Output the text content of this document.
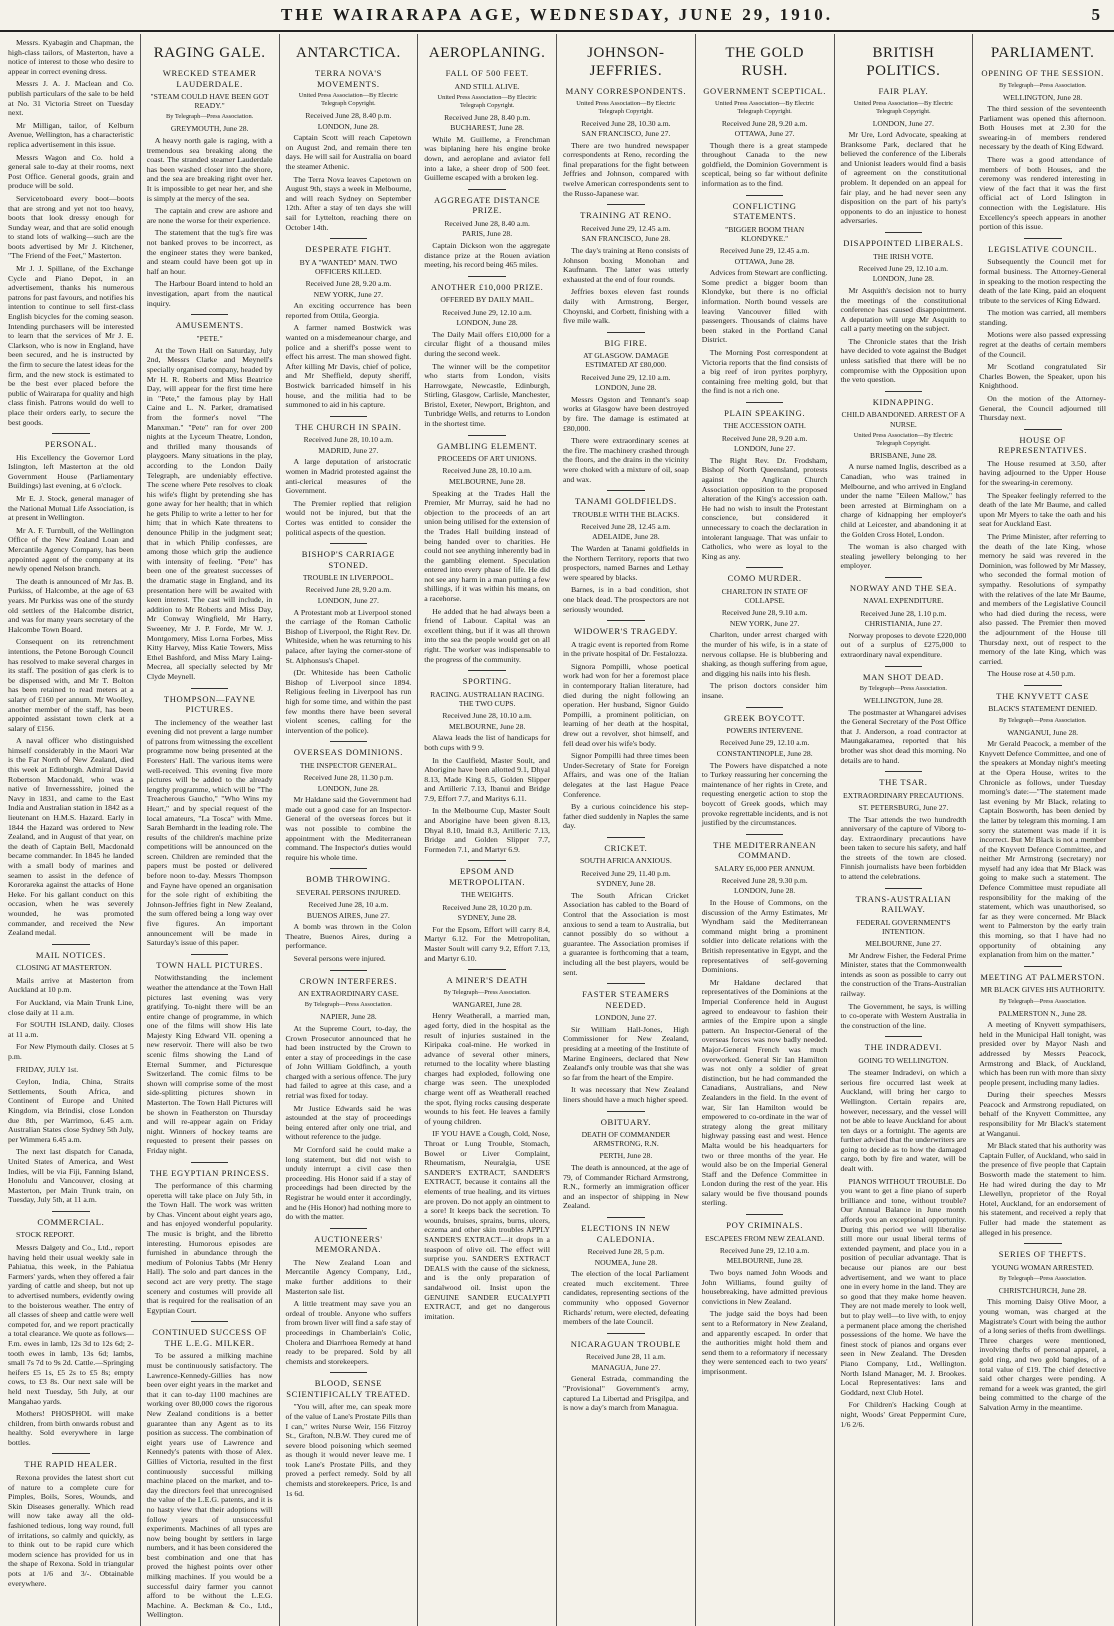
THE WAIRARAPA AGE, WEDNESDAY, JUNE 29, 1910.	5

Messrs. Kyabagin and Chapman, the high-class tailors, of Masterton, have a notice of interest to those who desire to appear in correct evening dress.

Messrs J. A. J. Maclean and Co. publish particulars of the sale to be held at No. 31 Victoria Street on Tuesday next.

Mr Milligan, tailor, of Kelburn Avenue, Wellington, has a characteristic replica advertisement in this issue.

Messrs Wagon and Co. hold a general sale to-day at their rooms, next Post Office. General goods, grain and produce will be sold.

Servicetoboard every boot—boots that are strong and yet not too heavy, boots that look dressy enough for Sunday wear, and that are solid enough to stand lots of walking—such are the boots advertised by Mr J. Kitchener, "The Friend of the Feet," Masterton.

Mr J. J. Spillane, of the Exchange Cycle and Piano Depot, in an advertisement, thanks his numerous patrons for past favours, and notifies his intention to continue to sell first-class English bicycles for the coming season. Intending purchasers will be interested to learn that the services of Mr J. E. Clarkson, who is now in England, have been secured, and he is instructed by the firm to secure the latest ideas for the firm, and the new stock is estimated to be the best ever placed before the public of Wairarapa for quality and high class finish. Patrons would do well to place their orders early, to secure the best goods.

PERSONAL.

His Excellency the Governor Lord Islington, left Masterton at the old Government House (Parliamentary Buildings) last evening, at 6 o'clock.

Mr E. J. Stock, general manager of the National Mutual Life Association, is at present in Wellington.

Mr A. F. Turnbull, of the Wellington Office of the New Zealand Loan and Mercantile Agency Company, has been appointed agent of the company at its newly opened Nelson branch.

The death is announced of Mr Jas. B. Purkiss, of Halcombe, at the age of 63 years. Mr Purkiss was one of the sturdy old settlers of the Halcombe district, and was for many years secretary of the Halcombe Town Board.

Consequent on its retrenchment intentions, the Petone Borough Council has resolved to make several charges in its staff. The position of gas clerk is to be dispensed with, and Mr T. Bolton has been retained to read meters at a salary of £160 per annum. Mr Woolley, another member of the staff, has been appointed assistant town clerk at a salary of £156.

A naval officer who distinguished himself considerably in the Maori War is the Far North of New Zealand, died this week at Edinburgh. Admiral David Robertson Macdonald, who was a native of Invernessshire, joined the Navy in 1831, and came to the East India and Australian station in 1842 as a lieutenant on H.M.S. Hazard. Early in 1844 the Hazard was ordered to New Zealand, and in August of that year, on the death of Captain Bell, Macdonald became commander. In 1845 he landed with a small body of marines and seamen to assist in the defence of Kororareka against the attacks of Hone Heke. For his gallant conduct on this occasion, when he was severely wounded, he was promoted commander, and received the New Zealand medal.

MAIL NOTICES.

CLOSING AT MASTERTON.

Mails arrive at Masterton from Auckland at 10 p.m.

For Auckland, via Main Trunk Line, close daily at 11 a.m.

For SOUTH ISLAND, daily. Closes at 11 a.m.

For New Plymouth daily. Closes at 5 p.m.

FRIDAY, JULY 1st.

Ceylon, India, China, Straits Settlements, South Africa, and Continent of Europe and United Kingdom, via Brindisi, close London due 8th, per Warrimoo, 6.45 a.m. Australian States close Sydney 5th July, per Wimmera 6.45 a.m.

The next last dispatch for Canada, United States of America, and West Indies, will be via Fiji, Fanning Island, Honolulu and Vancouver, closing at Masterton, per Main Trunk train, on Tuesday, July 5th, at 11 a.m.

COMMERCIAL.

STOCK REPORT.

Messrs Dalgety and Co., Ltd., report having held their usual weekly sale in Pahiatua, this week, in the Pahiatua Farmers' yards, when they offered a fair yarding of cattle and sheep, but not up to advertised numbers, evidently owing to the boisterous weather. The entry of all classes of sheep and cattle were well competed for, and we report practically a total clearance. We quote as follows—F.m. ewes in lamb, 12s 3d to 12s 6d; 2-tooth ewes in lamb, 13s 6d; lambs, small 7s 7d to 9s 2d. Cattle.—Springing heifers £5 1s, £5 2s to £5 8s; empty cows, to £3 8s. Our next sale will be held next Tuesday, 5th July, at our Mangahao yards.

Mothers! PHOSPHOL will make children, from birth onwards robust and healthy. Sold everywhere in large bottles.

THE RAPID HEALER.

Rexona provides the latest short cut of nature to a complete cure for Pimples, Boils, Sores, Wounds, and Skin Diseases generally. Which read will now take away all the old-fashioned tedious, long way round, full of irritations, so calmly and quickly, as to think out to be rapid cure which modern science has provided for us in the shape of Rexona. Sold in triangular pots at 1/6 and 3/-. Obtainable everywhere.

RAGING GALE.
WRECKED STEAMER LAUDERDALE.
"STEAM COULD HAVE BEEN GOT READY."
By Telegraph—Press Association.
GREYMOUTH, June 28.

A heavy north gale is raging, with a tremendous sea breaking along the coast. The stranded steamer Lauderdale has been washed closer into the shore, and the sea are breaking right over her. It is impossible to get near her, and she is simply at the mercy of the sea.

The captain and crew are ashore and are none the worse for their experience.

The statement that the tug's fire was not banked proves to be incorrect, as the engineer states they were banked, and steam could have been got up in half an hour.

The Harbour Board intend to hold an investigation, apart from the nautical inquiry.

AMUSEMENTS.
"PETE."

At the Town Hall on Saturday, July 2nd, Messrs Clarke and Meynell's specially organised company, headed by Mr H. R. Roberts and Miss Beatrice Day, will appear for the first time here in "Pete," the famous play by Hall Caine and L. N. Parker, dramatised from the former's novel "The Manxman." "Pete" ran for over 200 nights at the Lyceum Theatre, London, and thrilled many thousands of playgoers. Many situations in the play, according to the London Daily Telegraph, are undeniably effective. The scene where Pete resolves to cloak his wife's flight by pretending she has gone away for her health; that in which he gets Philip to write a letter to her for him; that in which Kate threatens to denounce Philip in the judgment seat; that in which Philip confesses, are among those which grip the audience with intensity of feeling. "Pete" has been one of the greatest successes of the dramatic stage in England, and its presentation here will be awaited with keen interest. The cast will include, in addition to Mr Roberts and Miss Day, Mr Conway Wingfield, Mr Harry, Sweeney, Mr J. P. Forde, Mr W. J. Montgomery, Miss Lorna Forbes, Miss Kitty Harvey, Miss Katie Towers, Miss Ethel Bashford, and Miss Mary Laing-Mecrea, all specially selected by Mr Clyde Meynell.

THOMPSON—FAYNE PICTURES.

The inclemency of the weather last evening did not prevent a large number of patrons from witnessing the excellent programme now being presented at the Foresters' Hall. The various items were well-received. This evening five more pictures will be added to the already lengthy programme, which will be "The Treacherous Gaucho," "Who Wins my Heart," and by special request of the local amateurs, "La Tosca" with Mme. Sarah Bernhardt in the leading role. The results of the children's machine prize competitions will be announced on the screen. Children are reminded that the papers must be posted or delivered before noon to-day. Messrs Thompson and Fayne have opened an organisation for the sole right of exhibiting the Johnson-Jeffries fight in New Zealand, the sum offered being a long way over five figures. An important announcement will be made in Saturday's issue of this paper.

TOWN HALL PICTURES.

Notwithstanding the inclement weather the attendance at the Town Hall pictures last evening was very gratifying. To-night there will be an entire change of programme, in which one of the films will show His late Majesty King Edward VII. opening a new reservoir. There will also be two scenic films showing the Land of Eternal Summer, and Picturesque Switzerland. The comic films to be shown will comprise some of the most side-splitting pictures shown in Masterton. The Town Hall Pictures will be shown in Featherston on Thursday and will re-appear again on Friday night. Winners of hockey teams are requested to present their passes on Friday night.

THE EGYPTIAN PRINCESS.

The performance of this charming operetta will take place on July 5th, in the Town Hall. The work was written by Chas. Vincent about eight years ago, and has enjoyed wonderful popularity. The music is bright, and the libretto interesting. Humorous episodes are furnished in abundance through the medium of Polonius Tabbs (Mr Henry Hall). The solo and part dances in the second act are very pretty. The stage scenery and costumes will provide all that is required for the realisation of an Egyptian Court.

CONTINUED SUCCESS OF THE L.E.G. MILKER.

To be assured a milking machine must be continuously satisfactory. The Lawrence-Kennedy-Gillies has now been over eight years in the market and that it can to-day 1100 machines are working over 80,000 cows the rigorous New Zealand conditions is a better guarantee than any Agent as to its position as success. The combination of eight years use of Lawrence and Kennedy's patents with those of Alex. Gillies of Victoria, resulted in the first continuously successful milking machine placed on the market, and to-day the directors feel that unrecognised the value of the L.E.G. patents, and it is no hasty view that their adoptions will follow years of unsuccessful experiments. Machines of all types are now being bought by settlers in large numbers, and it has been considered the best combination and one that has proved the highest points over other milking machines. If you would be a successful dairy farmer you cannot afford to be without the L.E.G. Machine. A. Beckman & Co., Ltd., Wellington.

ANTARCTICA.
TERRA NOVA'S MOVEMENTS.
United Press Association—By Electric Telegraph Copyright.
Received June 28, 8.40 p.m.
LONDON, June 28.

Captain Scott will reach Capetown on August 2nd, and remain there ten days. He will sail for Australia on board the steamer Athenic.

The Terra Nova leaves Capetown on August 9th, stays a week in Melbourne, and will reach Sydney on September 12th. After a stay of ten days she will sail for Lyttelton, reaching there on October 14th.

DESPERATE FIGHT.
BY A "WANTED" MAN. TWO OFFICERS KILLED.
Received June 28, 9.20 a.m.
NEW YORK, June 27.

An exciting occurrence has been reported from Ottila, Georgia.

A farmer named Bostwick was wanted on a misdemeanour charge, and police and a sheriff's posse went to effect his arrest. The man showed fight. After killing Mr Davis, chief of police, and Mr Sheffield, deputy sheriff, Bostwick barricaded himself in his house, and the militia had to be summoned to aid in his capture.

THE CHURCH IN SPAIN.
Received June 28, 10.10 a.m.
MADRID, June 27.

A large deputation of aristocratic women in Madrid protested against the anti-clerical measures of the Government.

The Premier replied that religion would not be injured, but that the Cortes was entitled to consider the political aspects of the question.

BISHOP'S CARRIAGE STONED.
TROUBLE IN LIVERPOOL.
Received June 28, 9.20 a.m.
LONDON, June 27.

A Protestant mob at Liverpool stoned the carriage of the Roman Catholic Bishop of Liverpool, the Right Rev. Dr. Whiteside, when he was returning to his palace, after laying the corner-stone of St. Alphonsus's Chapel.

(Dr. Whiteside has been Catholic Bishop of Liverpool since 1894. Religious feeling in Liverpool has run high for some time, and within the past few months there have been several violent scenes, calling for the intervention of the police).

OVERSEAS DOMINIONS.
THE INSPECTOR GENERAL.
Received June 28, 11.30 p.m.
LONDON, June 28.

Mr Haldane said the Government had made out a good case for an Inspector-General of the overseas forces but it was not possible to combine the appointment with the Mediterranean command. The Inspector's duties would require his whole time.

BOMB THROWING.
SEVERAL PERSONS INJURED.
Received June 28, 10 a.m.
BUENOS AIRES, June 27.

A bomb was thrown in the Colon Theatre, Buenos Aires, during a performance.

Several persons were injured.

CROWN INTERFERES.
AN EXTRAORDINARY CASE.
By Telegraph—Press Association.
NAPIER, June 28.

At the Supreme Court, to-day, the Crown Prosecutor announced that he had been instructed by the Crown to enter a stay of proceedings in the case of John William Goldfinch, a youth charged with a serious offence. The jury had failed to agree at this case, and a retrial was fixed for today.

Mr Justice Edwards said he was astounded at the stay of proceedings being entered after only one trial, and without reference to the judge.

Mr Cornford said he could make a long statement, but did not wish to unduly interrupt a civil case then proceeding. His Honor said if a stay of proceedings had been directed by the Registrar he would enter it accordingly, and he (His Honor) had nothing more to do with the matter.

AUCTIONEERS' MEMORANDA.

The New Zealand Loan and Mercantile Agency Company, Ltd., make further additions to their Masterton sale list.

A little treatment may save you an ordeal of trouble. Anyone who suffers from brown liver will find a safe stay of proceedings in Chamberlain's Colic, Cholera and Diarrhoea Remedy at hand ready to be prepared. Sold by all chemists and storekeepers.

BLOOD, SENSE SCIENTIFICALLY TREATED.

"You will, after me, can speak more of the value of Lane's Prostate Pills than I can," writes Nurse Weir, 156 Fitzroy St., Grafton, N.B.W. They cured me of severe blood poisoning which seemed as though it would never leave me. I took Lane's Prostate Pills, and they proved a perfect remedy. Sold by all chemists and storekeepers. Price, 1s and 1s 6d.

AEROPLANING.
FALL OF 500 FEET.
AND STILL ALIVE.
United Press Association—By Electric Telegraph Copyright.
Received June 28, 8.40 p.m.
BUCHAREST, June 28.

While M. Guilleme, a Frenchman was biplaning here his engine broke down, and aeroplane and aviator fell into a lake, a sheer drop of 500 feet. Guilleme escaped with a broken leg.

AGGREGATE DISTANCE PRIZE.
Received June 28, 8.40 a.m.
PARIS, June 28.

Captain Dickson won the aggregate distance prize at the Rouen aviation meeting, his record being 465 miles.

ANOTHER £10,000 PRIZE.
OFFERED BY DAILY MAIL.
Received June 29, 12.10 a.m.
LONDON, June 28.

The Daily Mail offers £10,000 for a circular flight of a thousand miles during the second week.

The winner will be the competitor who starts from London, visits Harrowgate, Newcastle, Edinburgh, Stirling, Glasgow, Carlisle, Manchester, Bristol, Exeter, Newport, Brighton, and Tunbridge Wells, and returns to London in the shortest time.

GAMBLING ELEMENT.
PROCEEDS OF ART UNIONS.
Received June 28, 10.10 a.m.
MELBOURNE, June 28.

Speaking at the Trades Hall the Premier, Mr Murray, said he had no objection to the proceeds of an art union being utilised for the extension of the Trades Hall building instead of being handed over to charities. He could not see anything inherently bad in the gambling element. Speculation entered into every phase of life. He did not see any harm in a man putting a few shillings, if it was within his means, on a racehorse.

He added that he had always been a friend of Labour. Capital was an excellent thing, but if it was all thrown into the sea the people would get on all right. The worker was indispensable to the progress of the community.

SPORTING.
RACING. AUSTRALIAN RACING. THE TWO CUPS.
Received June 28, 10.10 a.m.
MELBOURNE, June 28.

Alawa leads the list of handicaps for both cups with 9 9.

In the Caulfield, Master Soult, and Aborigine have been allotted 9.1, Dhyal 8.13, Made King 8.5, Golden Slipper and Artilleric 7.13, Ibanui and Bridge 7.9, Effort 7.7, and Maritys 6.11.

In the Melbourne Cup, Master Soult and Aborigine have been given 8.13, Dhyal 8.10, Imaid 8.3, Artilleric 7.13, Bridge and Golden Slipper 7.7, Formeden 7.1, and Martyr 6.9.

EPSOM AND METROPOLITAN.
THE WEIGHTS.
Received June 28, 10.20 p.m.
SYDNEY, June 28.

For the Epsom, Effort will carry 8.4, Martyr 6.12. For the Metropolitan, Master Soult will carry 9.2, Effort 7.13, and Martyr 6.10.

A MINER'S DEATH
By Telegraph—Press Association.
WANGAREI, June 28.

Henry Weatherall, a married man, aged forty, died in the hospital as the result of injuries sustained in the Kiripaka coal-mine. He worked in advance of several other miners, returned to the locality where blasting charges had exploded, following one charge was seen. The unexploded charge went off as Weatherall reached the spot, flying rocks causing desperate wounds to his feet. He leaves a family of young children.

IF YOU HAVE a Cough, Cold, Nose, Throat or Lung Trouble, Stomach, Bowel or Liver Complaint, Rheumatism, Neuralgia, USE SANDER'S EXTRACT, SANDER'S EXTRACT, because it contains all the elements of true healing, and its virtues are proven. Do not apply an ointment to a sore! It keeps back the secretion. To wounds, bruises, sprains, burns, ulcers, eczema and other skin troubles APPLY SANDER'S EXTRACT—it drops in a teaspoon of olive oil. The effect will surprise you. SANDER'S EXTRACT DEALS with the cause of the sickness, and is the only preparation of sandalwood oil. Insist upon the GENUINE SANDER EUCALYPTI EXTRACT, and get no dangerous imitation.

JOHNSON-JEFFRIES.
MANY CORRESPONDENTS.
United Press Association—By Electric Telegraph Copyright.
Received June 28, 10.30 a.m.
SAN FRANCISCO, June 27.

There are two hundred newspaper correspondents at Reno, recording the final preparations for the fight between Jeffries and Johnson, compared with twelve American correspondents sent to the Russo-Japanese war.

TRAINING AT RENO.
Received June 29, 12.45 a.m.
SAN FRANCISCO, June 28.

The day's training at Reno consists of Johnson boxing Monohan and Kaufmann. The latter was utterly exhausted at the end of four rounds.

Jeffries boxes eleven fast rounds daily with Armstrong, Berger, Choynski, and Corbett, finishing with a five mile walk.

BIG FIRE.
AT GLASGOW. DAMAGE ESTIMATED AT £80,000.
Received June 29, 12.10 a.m.
LONDON, June 28.

Messrs Ogston and Tennant's soap works at Glasgow have been destroyed by fire. The damage is estimated at £80,000.

There were extraordinary scenes at the fire. The machinery crashed through the floors, and the drains in the vicinity were choked with a mixture of oil, soap and wax.

TANAMI GOLDFIELDS.
TROUBLE WITH THE BLACKS.
Received June 28, 12.45 a.m.
ADELAIDE, June 28.

The Warden at Tanami goldfields in the Northern Territory, reports that two prospectors, named Barnes and Lethay were speared by blacks.

Barnes, is in a bad condition, shot one black dead. The prospectors are not seriously wounded.

WIDOWER'S TRAGEDY.

A tragic event is reported from Rome in the private hospital of Dr. Festalozza.

Signora Pompilli, whose poetical work had won for her a foremost place in contemporary Italian literature, had died during the night following an operation. Her husband, Signor Guido Pompilli, a prominent politician, on learning of her death at the hospital, drew out a revolver, shot himself, and fell dead over his wife's body.

Signor Pompilli had three times been Under-Secretary of State for Foreign Affairs, and was one of the Italian delegates at the last Hague Peace Conference.

By a curious coincidence his step-father died suddenly in Naples the same day.

CRICKET.
SOUTH AFRICA ANXIOUS.
Received June 29, 11.40 p.m.
SYDNEY, June 28.

The South African Cricket Association has cabled to the Board of Control that the Association is most anxious to send a team to Australia, but cannot possibly do so without a guarantee. The Association promises if a guarantee is forthcoming that a team, including all the best players, would be sent.

FASTER STEAMERS NEEDED.
LONDON, June 27.

Sir William Hall-Jones, High Commissioner for New Zealand, presiding at a meeting of the Institute of Marine Engineers, declared that New Zealand's only trouble was that she was so far from the heart of the Empire.

It was necessary that New Zealand liners should have a much higher speed.

OBITUARY.
DEATH OF COMMANDER ARMSTRONG, R.N.
PERTH, June 28.

The death is announced, at the age of 79, of Commander Richard Armstrong, R.N., formerly an immigration officer and an inspector of shipping in New Zealand.

ELECTIONS IN NEW CALEDONIA.
Received June 28, 5 p.m.
NOUMEA, June 28.

The election of the local Parliament created much excitement. Three candidates, representing sections of the community who opposed Governor Richards' return, were elected, defeating members of the late Council.

NICARAGUAN TROUBLE
Received June 28, 11 a.m.
MANAGUA, June 27.

General Estrada, commanding the "Provisional" Government's army, captured La Libertad and Prisgilpa, and is now a day's march from Managua.

THE GOLD RUSH.
GOVERNMENT SCEPTICAL.
United Press Association—By Electric Telegraph Copyright.
Received June 28, 9.20 a.m.
OTTAWA, June 27.

Though there is a great stampede throughout Canada to the new goldfield, the Dominion Government is sceptical, being so far without definite information as to the find.

CONFLICTING STATEMENTS.
"BIGGER BOOM THAN KLONDYKE."
Received June 29, 12.45 a.m.
OTTAWA, June 28.

Advices from Stewart are conflicting. Some predict a bigger boom than Klondyke, but there is no official information. North bound vessels are leaving Vancouver filled with passengers. Thousands of claims have been staked in the Portland Canal District.

The Morning Post correspondent at Victoria reports that the find consists of a big reef of iron pyrites porphyry, containing free melting gold, but that the find is not a rich one.

PLAIN SPEAKING.
THE ACCESSION OATH.
Received June 28, 9.20 a.m.
LONDON, June 27.

The Right Rev. Dr. Frodsham, Bishop of North Queensland, protests against the Anglican Church Association opposition to the proposed alteration of the King's accession oath. He had no wish to insult the Protestant conscience, but considered it unnecessary to coach the declaration in intolerant language. That was unfair to Catholics, who were as loyal to the King as any.

COMO MURDER.
CHARLTON IN STATE OF COLLAPSE.
Received June 28, 9.10 a.m.
NEW YORK, June 27.

Charlton, under arrest charged with the murder of his wife, is in a state of nervous collapse. He is blubbering and shaking, as though suffering from ague, and digging his nails into his flesh.

The prison doctors consider him insane.

GREEK BOYCOTT.
POWERS INTERVENE.
Received June 29, 12.10 a.m.
CONSTANTINOPLE, June 28.

The Powers have dispatched a note to Turkey reassuring her concerning the maintenance of her rights in Crete, and requesting energetic action to stop the boycott of Greek goods, which may provoke regrettable incidents, and is not justified by the circumstances.

THE MEDITERRANEAN COMMAND.
SALARY £6,000 PER ANNUM.
Received June 28, 9.30 p.m.
LONDON, June 28.

In the House of Commons, on the discussion of the Army Estimates, Mr Wyndham said the Mediterranean command might bring a prominent soldier into delicate relations with the British representative in Egypt, and the representatives of self-governing Dominions.

Mr Haldane declared that representatives of the Dominions at the Imperial Conference held in August agreed to endeavour to fashion their armies of the Empire upon a single pattern. An Inspector-General of the overseas forces was now badly needed. Major-General French was much overworked. General Sir Ian Hamilton was not only a soldier of great distinction, but he had commanded the Canadians, Australians, and New Zealanders in the field. In the event of war, Sir Ian Hamilton would be empowered to co-ordinate in the war of strategy along the great military highway passing east and west. Hence Malta would be his headquarters for two or three months of the year. He would also be on the Imperial General Staff and the Defence Committee in London during the rest of the year. His salary would be five thousand pounds sterling.

POY CRIMINALS.
ESCAPEES FROM NEW ZEALAND.
Received June 29, 12.10 a.m.
MELBOURNE, June 28.

Two boys named John Woods and John Williams, found guilty of housebreaking, have admitted previous convictions in New Zealand.

The judge said the boys had been sent to a Reformatory in New Zealand, and apparently escaped. In order that the authorities might hold them and send them to a reformatory if necessary they were sentenced each to two years' imprisonment.

BRITISH POLITICS.
FAIR PLAY.
United Press Association—By Electric Telegraph Copyright.
LONDON, June 27.

Mr Ure, Lord Advocate, speaking at Branksome Park, declared that he believed the conference of the Liberals and Unionist leaders would find a basis of agreement on the constitutional problem. It depended on an appeal for fair play, and he had never seen any disposition on the part of his party's opponents to do an injustice to honest adversaries.

DISAPPOINTED LIBERALS.
THE IRISH VOTE.
Received June 29, 12.10 a.m.
LONDON, June 28.

Mr Asquith's decision not to hurry the meetings of the constitutional conference has caused disappointment. A deputation will urge Mr Asquith to call a party meeting on the subject.

The Chronicle states that the Irish have decided to vote against the Budget unless satisfied that there will be no compromise with the Opposition upon the veto question.

KIDNAPPING.
CHILD ABANDONED. ARREST OF A NURSE.
United Press Association—By Electric Telegraph Copyright.
BRISBANE, June 28.

A nurse named Inglis, described as a Canadian, who was trained in Melbourne, and who arrived in England under the name "Eileen Mallow," has been arrested at Birmingham on a charge of kidnapping her employer's child at Leicester, and abandoning it at the Golden Cross Hotel, London.

The woman is also charged with stealing jewellery belonging to her employer.

NORWAY AND THE SEA.
NAVAL EXPENDITURE.
Received June 28, 1.10 p.m.
CHRISTIANIA, June 27.

Norway proposes to devote £220,000 out of a surplus of £275,000 to extraordinary naval expenditure.

MAN SHOT DEAD.
By Telegraph—Press Association.
WELLINGTON, June 28.

The postmaster at Whangarei advises the General Secretary of the Post Office that J. Anderson, a road contractor at Maungakaramea, reported that his brother was shot dead this morning. No details are to hand.

THE TSAR.
EXTRAORDINARY PRECAUTIONS.
ST. PETERSBURG, June 27.

The Tsar attends the two hundredth anniversary of the capture of Viborg to-day. Extraordinary precautions have been taken to secure his safety, and half the streets of the town are closed. Finnish journalists have been forbidden to attend the celebrations.

TRANS-AUSTRALIAN RAILWAY.
FEDERAL GOVERNMENT'S INTENTION.
MELBOURNE, June 27.

Mr Andrew Fisher, the Federal Prime Minister, states that the Commonwealth intends as soon as possible to carry out the construction of the Trans-Australian railway.

The Government, he says, is willing to co-operate with Western Australia in the construction of the line.

THE INDRADEVI.
GOING TO WELLINGTON.

The steamer Indradevi, on which a serious fire occurred last week at Auckland, will bring her cargo to Wellington. Certain repairs are, however, necessary, and the vessel will not be able to leave Auckland for about ten days or a fortnight. The agents are further advised that the underwriters are going to decide as to how the damaged cargo, both by fire and water, will be dealt with.

PIANOS WITHOUT TROUBLE. Do you want to get a fine piano of superb brilliance and tone, without trouble? Our Annual Balance in June month affords you an exceptional opportunity. During this period we will liberalise still more our usual liberal terms of extended payment, and place you in a position of peculiar advantage. That is because our pianos are our best advertisement, and we want to place one in every home in the land. They are so good that they make home heaven. They are not made merely to look well, but to play well—to live with, to enjoy a permanent place among the cherished possessions of the home. We have the finest stock of pianos and organs ever seen in New Zealand. The Dresden Piano Company, Ltd., Wellington. North Island Manager, M. J. Brookes. Local Representatives: Ians and Goddard, next Club Hotel.

For Children's Hacking Cough at night, Woods' Great Peppermint Cure, 1/6 2/6.

PARLIAMENT.
OPENING OF THE SESSION.
By Telegraph—Press Association.
WELLINGTON, June 28.

The third session of the seventeenth Parliament was opened this afternoon. Both Houses met at 2.30 for the swearing-in of members rendered necessary by the death of King Edward.

There was a good attendance of members of both Houses, and the ceremony was rendered interesting in view of the fact that it was the first official act of Lord Islington in connection with the Legislature. His Excellency's speech appears in another portion of this issue.

LEGISLATIVE COUNCIL.

Subsequently the Council met for formal business. The Attorney-General in speaking to the motion respecting the death of the late King, paid an eloquent tribute to the services of King Edward.

The motion was carried, all members standing.

Motions were also passed expressing regret at the deaths of certain members of the Council.

Mr Scotland congratulated Sir Charles Bowen, the Speaker, upon his Knighthood.

On the motion of the Attorney-General, the Council adjourned till Thursday next.

HOUSE OF REPRESENTATIVES.

The House resumed at 3.50, after having adjourned to the Upper House for the swearing-in ceremony.

The Speaker feelingly referred to the death of the late Mr Baume, and called upon Mr Myers to take the oath and his seat for Auckland East.

The Prime Minister, after referring to the death of the late King, whose memory he said was revered in the Dominion, was followed by Mr Massey, who seconded the formal motion of sympathy. Resolutions of sympathy with the relatives of the late Mr Baume, and members of the Legislative Council who had died during the recess, were also passed. The Premier then moved the adjournment of the House till Thursday next, out of respect to the memory of the late King, which was carried.

The House rose at 4.50 p.m.

THE KNYVETT CASE
BLACK'S STATEMENT DENIED.
By Telegraph—Press Association.
WANGANUI, June 28.

Mr Gerald Peacock, a member of the Knyvett Defence Committee, and one of the speakers at Monday night's meeting at the Opera House, writes to the Chronicle as follows, under Tuesday morning's date:—"The statement made last evening by Mr Black, relating to Captain Bosworth, has been denied by the latter by telegram this morning. I am sorry the statement was made if it is incorrect. But Mr Black is not a member of the Knyvett Defence Committee, and neither Mr Armstrong (secretary) nor myself had any idea that Mr Black was going to make such a statement. The Defence Committee must repudiate all responsibility for the making of the statement, which was unauthorised, so far as they were concerned. Mr Black went to Palmerston by the early train this morning, so that I have had no opportunity of obtaining any explanation from him on the matter."

MEETING AT PALMERSTON.
MR BLACK GIVES HIS AUTHORITY.
By Telegraph—Press Association.
PALMERSTON N., June 28.

A meeting of Knyvett sympathisers, held in the Municipal Hall tonight, was presided over by Mayor Nash and addressed by Messrs Peacock, Armstrong and Black, of Auckland, which has been run with more than sixty people present, including many ladies.

During their speeches Messrs Peacock and Armstrong repudiated, on behalf of the Knyvett Committee, any responsibility for Mr Black's statement at Wanganui.

Mr Black stated that his authority was Captain Fuller, of Auckland, who said in the presence of five people that Captain Bosworth made the statement to him. He had wired during the day to Mr Llewellyn, proprietor of the Royal Hotel, Auckland, for an endorsement of his statement, and received a reply that Fuller had made the statement as alleged in his presence.

SERIES OF THEFTS.
YOUNG WOMAN ARRESTED.
By Telegraph—Press Association.
CHRISTCHURCH, June 28.

This morning Daisy Olive Moor, a young woman, was charged at the Magistrate's Court with being the author of a long series of thefts from dwellings. Three charges were mentioned, involving thefts of personal apparel, a gold ring, and two gold bangles, of a total value of £19. The chief detective said other charges were pending. A remand for a week was granted, the girl being committed to the charge of the Salvation Army in the meantime.
